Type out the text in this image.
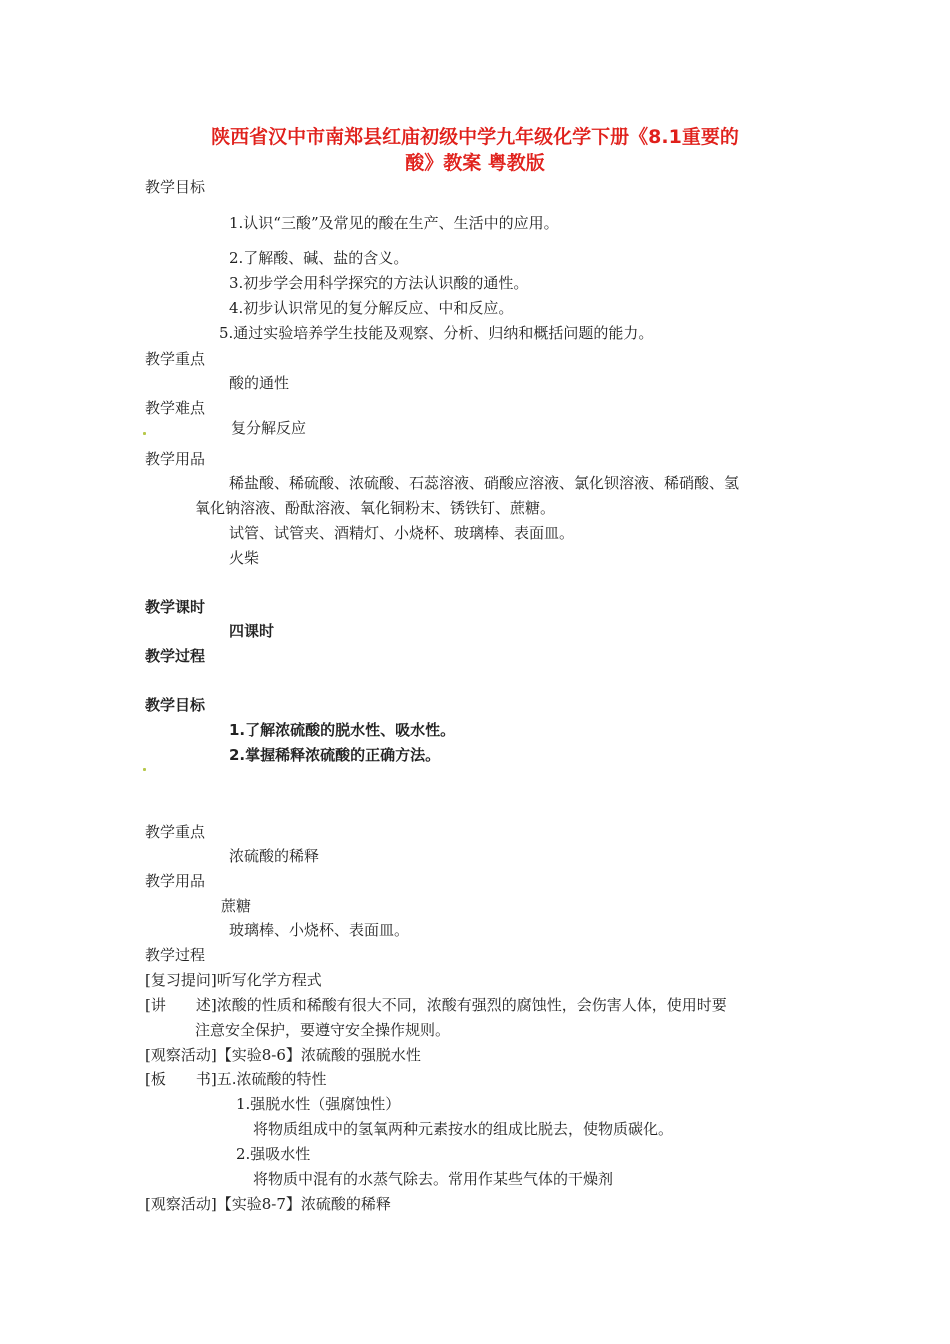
陕西省汉中市南郑县红庙初级中学九年级化学下册《8.1重要的
酸》教案 粤教版
教学目标
1.认识“三酸”及常见的酸在生产、生活中的应用。
2.了解酸、碱、盐的含义。
3.初步学会用科学探究的方法认识酸的通性。
4.初步认识常见的复分解反应、中和反应。
5.通过实验培养学生技能及观察、分析、归纳和概括问题的能力。
教学重点
酸的通性
教学难点
复分解反应
教学用品
稀盐酸、稀硫酸、浓硫酸、石蕊溶液、硝酸应溶液、氯化钡溶液、稀硝酸、氢
氧化钠溶液、酚酞溶液、氧化铜粉末、锈铁钉、蔗糖。
试管、试管夹、酒精灯、小烧杯、玻璃棒、表面皿。
火柴
教学课时
四课时
教学过程
教学目标
1.了解浓硫酸的脱水性、吸水性。
2.掌握稀释浓硫酸的正确方法。
教学重点
浓硫酸的稀释
教学用品
蔗糖
玻璃棒、小烧杯、表面皿。
教学过程
[复习提问]听写化学方程式
[讲　　述]浓酸的性质和稀酸有很大不同，浓酸有强烈的腐蚀性，会伤害人体，使用时要
注意安全保护，要遵守安全操作规则。
[观察活动]【实验8-6】浓硫酸的强脱水性
[板　　书]五.浓硫酸的特性
1.强脱水性（强腐蚀性）
将物质组成中的氢氧两种元素按水的组成比脱去，使物质碳化。
2.强吸水性
将物质中混有的水蒸气除去。常用作某些气体的干燥剂
[观察活动]【实验8-7】浓硫酸的稀释
